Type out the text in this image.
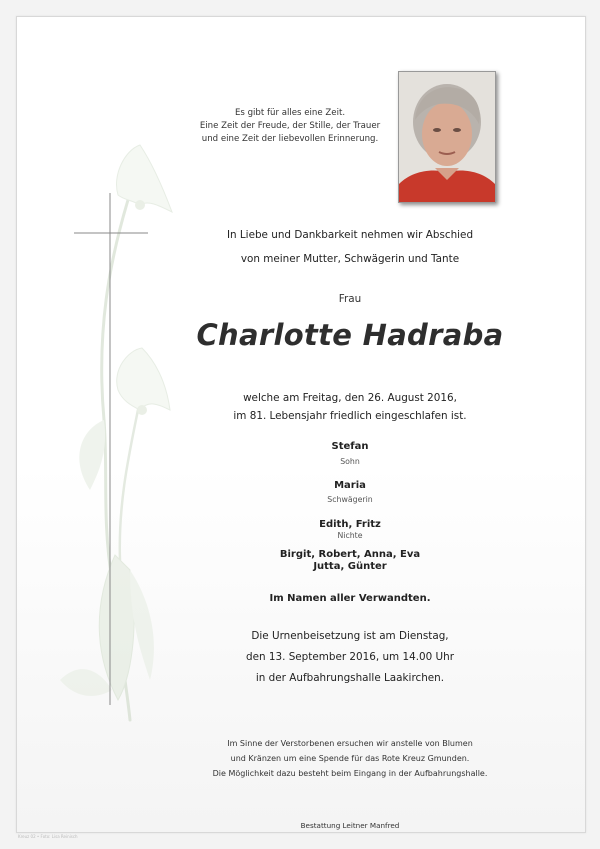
Es gibt für alles eine Zeit.
Eine Zeit der Freude, der Stille, der Trauer
und eine Zeit der liebevollen Erinnerung.
In Liebe und Dankbarkeit nehmen wir Abschied
von meiner Mutter, Schwägerin und Tante
Frau
Charlotte Hadraba
welche am Freitag, den 26. August 2016,
im 81. Lebensjahr friedlich eingeschlafen ist.
Stefan
Sohn
Maria
Schwägerin
Edith, Fritz
Nichte
Birgit, Robert, Anna, Eva
Jutta, Günter
Im Namen aller Verwandten.
Die Urnenbeisetzung ist am Dienstag,
den 13. September 2016, um 14.00 Uhr
in der Aufbahrungshalle Laakirchen.
Im Sinne der Verstorbenen ersuchen wir anstelle von Blumen
und Kränzen um eine Spende für das Rote Kreuz Gmunden.
Die Möglichkeit dazu besteht beim Eingang in der Aufbahrungshalle.
Bestattung Leitner Manfred
Kreuz 02 • Foto: Lisa Reinisch
